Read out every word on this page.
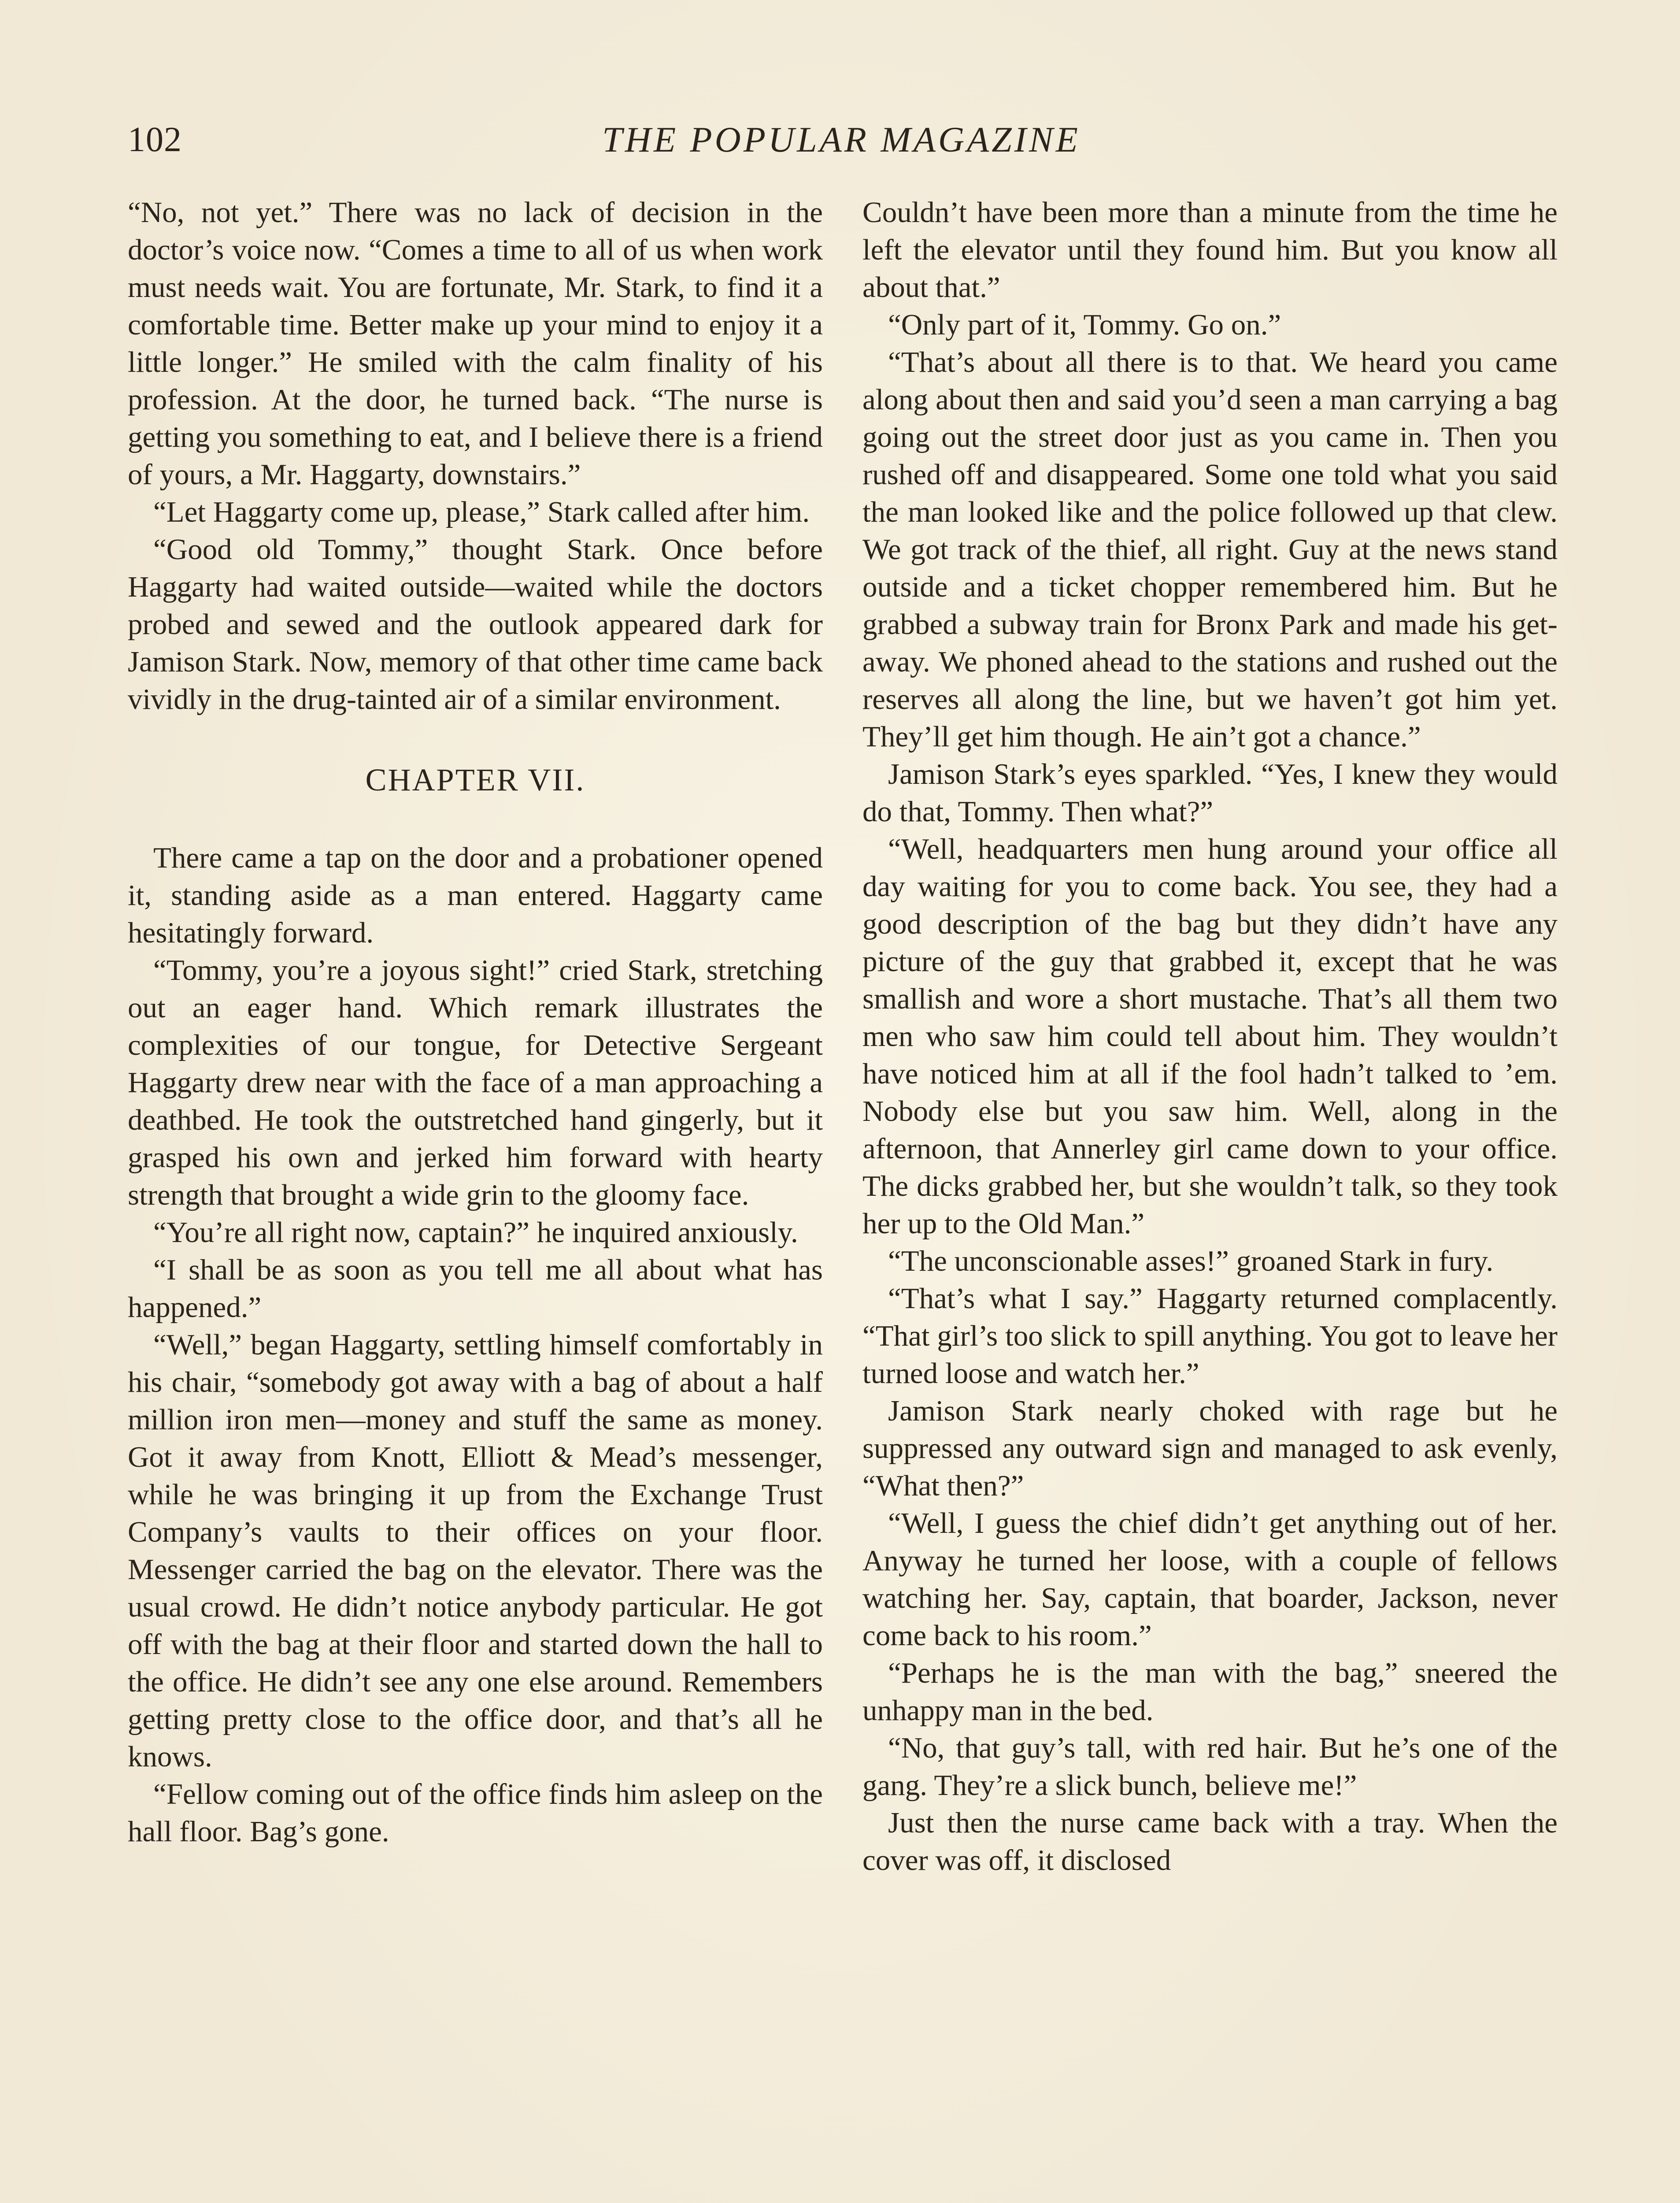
102	THE POPULAR MAGAZINE

“No, not yet.” There was no lack of decision in the doctor’s voice now. “Comes a time to all of us when work must needs wait. You are fortunate, Mr. Stark, to find it a comfortable time. Better make up your mind to enjoy it a little longer.” He smiled with the calm finality of his profession. At the door, he turned back. “The nurse is getting you something to eat, and I believe there is a friend of yours, a Mr. Haggarty, downstairs.”

“Let Haggarty come up, please,” Stark called after him.

“Good old Tommy,” thought Stark. Once before Haggarty had waited outside—waited while the doctors probed and sewed and the outlook appeared dark for Jamison Stark. Now, memory of that other time came back vividly in the drug-tainted air of a similar environment.

CHAPTER VII.

There came a tap on the door and a probationer opened it, standing aside as a man entered. Haggarty came hesitatingly forward.

“Tommy, you’re a joyous sight!” cried Stark, stretching out an eager hand. Which remark illustrates the complexities of our tongue, for Detective Sergeant Haggarty drew near with the face of a man approaching a deathbed. He took the outstretched hand gingerly, but it grasped his own and jerked him forward with hearty strength that brought a wide grin to the gloomy face.

“You’re all right now, captain?” he inquired anxiously.

“I shall be as soon as you tell me all about what has happened.”

“Well,” began Haggarty, settling himself comfortably in his chair, “somebody got away with a bag of about a half million iron men—money and stuff the same as money. Got it away from Knott, Elliott & Mead’s messenger, while he was bringing it up from the Exchange Trust Company’s vaults to their offices on your floor. Messenger carried the bag on the elevator. There was the usual crowd. He didn’t notice anybody particular. He got off with the bag at their floor and started down the hall to the office. He didn’t see any one else around. Remembers getting pretty close to the office door, and that’s all he knows.

“Fellow coming out of the office finds him asleep on the hall floor. Bag’s gone.

Couldn’t have been more than a minute from the time he left the elevator until they found him. But you know all about that.”

“Only part of it, Tommy. Go on.”

“That’s about all there is to that. We heard you came along about then and said you’d seen a man carrying a bag going out the street door just as you came in. Then you rushed off and disappeared. Some one told what you said the man looked like and the police followed up that clew. We got track of the thief, all right. Guy at the news stand outside and a ticket chopper remembered him. But he grabbed a subway train for Bronx Park and made his get-away. We phoned ahead to the stations and rushed out the reserves all along the line, but we haven’t got him yet. They’ll get him though. He ain’t got a chance.”

Jamison Stark’s eyes sparkled. “Yes, I knew they would do that, Tommy. Then what?”

“Well, headquarters men hung around your office all day waiting for you to come back. You see, they had a good description of the bag but they didn’t have any picture of the guy that grabbed it, except that he was smallish and wore a short mustache. That’s all them two men who saw him could tell about him. They wouldn’t have noticed him at all if the fool hadn’t talked to ’em. Nobody else but you saw him. Well, along in the afternoon, that Annerley girl came down to your office. The dicks grabbed her, but she wouldn’t talk, so they took her up to the Old Man.”

“The unconscionable asses!” groaned Stark in fury.

“That’s what I say.” Haggarty returned complacently. “That girl’s too slick to spill anything. You got to leave her turned loose and watch her.”

Jamison Stark nearly choked with rage but he suppressed any outward sign and managed to ask evenly, “What then?”

“Well, I guess the chief didn’t get anything out of her. Anyway he turned her loose, with a couple of fellows watching her. Say, captain, that boarder, Jackson, never come back to his room.”

“Perhaps he is the man with the bag,” sneered the unhappy man in the bed.

“No, that guy’s tall, with red hair. But he’s one of the gang. They’re a slick bunch, believe me!”

Just then the nurse came back with a tray. When the cover was off, it disclosed
